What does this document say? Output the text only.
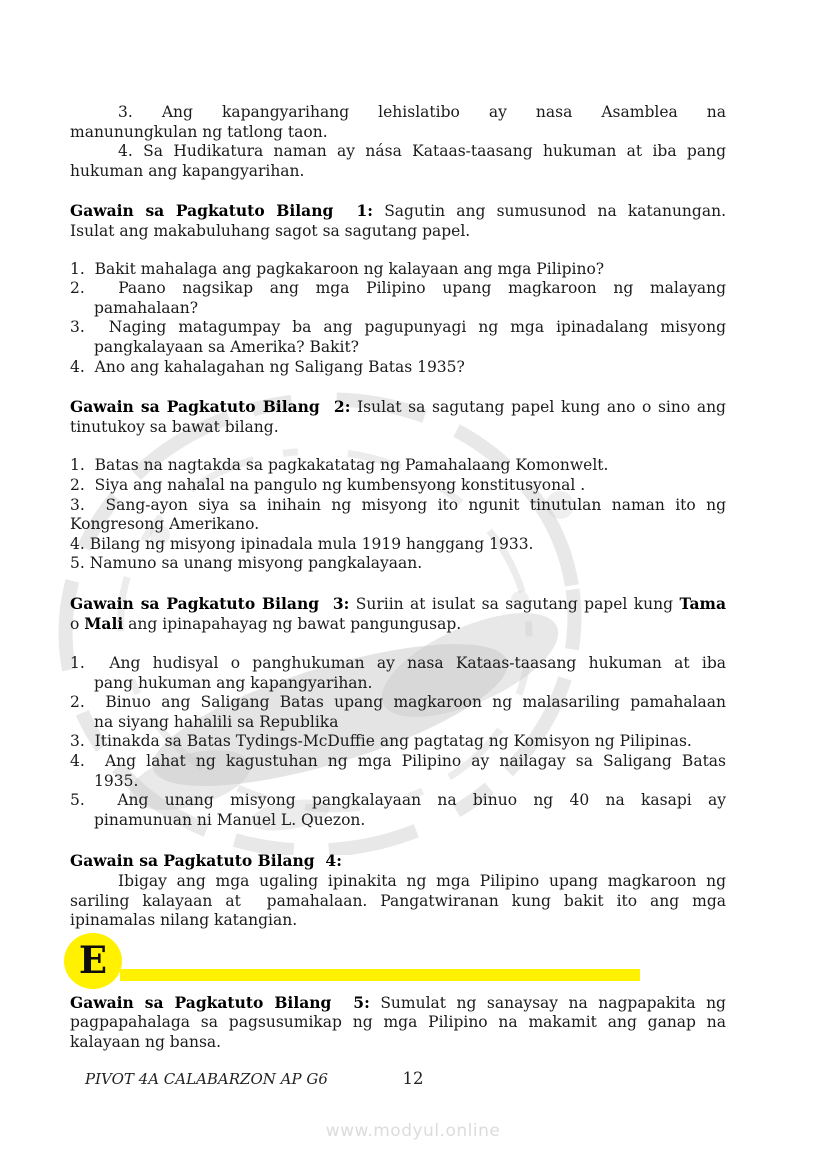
3. Ang kapangyarihang lehislatibo ay nasa Asamblea na
manunungkulan ng tatlong taon.
4. Sa Hudikatura naman ay nása Kataas-taasang hukuman at iba pang
hukuman ang kapangyarihan.
Gawain sa Pagkatuto Bilang  1: Sagutin ang sumusunod na katanungan.
Isulat ang makabuluhang sagot sa sagutang papel.
1.  Bakit mahalaga ang pagkakaroon ng kalayaan ang mga Pilipino?
2.  Paano nagsikap ang mga Pilipino upang magkaroon ng malayang
pamahalaan?
3.  Naging matagumpay ba ang pagupunyagi ng mga ipinadalang misyong
pangkalayaan sa Amerika? Bakit?
4.  Ano ang kahalagahan ng Saligang Batas 1935?
Gawain sa Pagkatuto Bilang  2: Isulat sa sagutang papel kung ano o sino ang
tinutukoy sa bawat bilang.
1.  Batas na nagtakda sa pagkakatatag ng Pamahalaang Komonwelt.
2.  Siya ang nahalal na pangulo ng kumbensyong konstitusyonal .
3.  Sang-ayon siya sa inihain ng misyong ito ngunit tinutulan naman ito ng
Kongresong Amerikano.
4. Bilang ng misyong ipinadala mula 1919 hanggang 1933.
5. Namuno sa unang misyong pangkalayaan.
Gawain sa Pagkatuto Bilang  3: Suriin at isulat sa sagutang papel kung Tama
o Mali ang ipinapahayag ng bawat pangungusap.
1.  Ang hudisyal o panghukuman ay nasa Kataas-taasang hukuman at iba
pang hukuman ang kapangyarihan.
2.  Binuo ang Saligang Batas upang magkaroon ng malasariling pamahalaan
na siyang hahalili sa Republika
3.  Itinakda sa Batas Tydings-McDuffie ang pagtatag ng Komisyon ng Pilipinas.
4.  Ang lahat ng kagustuhan ng mga Pilipino ay nailagay sa Saligang Batas
1935.
5.  Ang unang misyong pangkalayaan na binuo ng 40 na kasapi ay
pinamunuan ni Manuel L. Quezon.
Gawain sa Pagkatuto Bilang  4:
Ibigay ang mga ugaling ipinakita ng mga Pilipino upang magkaroon ng
sariling kalayaan at  pamahalaan. Pangatwiranan kung bakit ito ang mga
ipinamalas nilang katangian.
E
Gawain sa Pagkatuto Bilang  5: Sumulat ng sanaysay na nagpapakita ng
pagpapahalaga sa pagsusumikap ng mga Pilipino na makamit ang ganap na
kalayaan ng bansa.
PIVOT 4A CALABARZON AP G6	12
www.modyul.online
